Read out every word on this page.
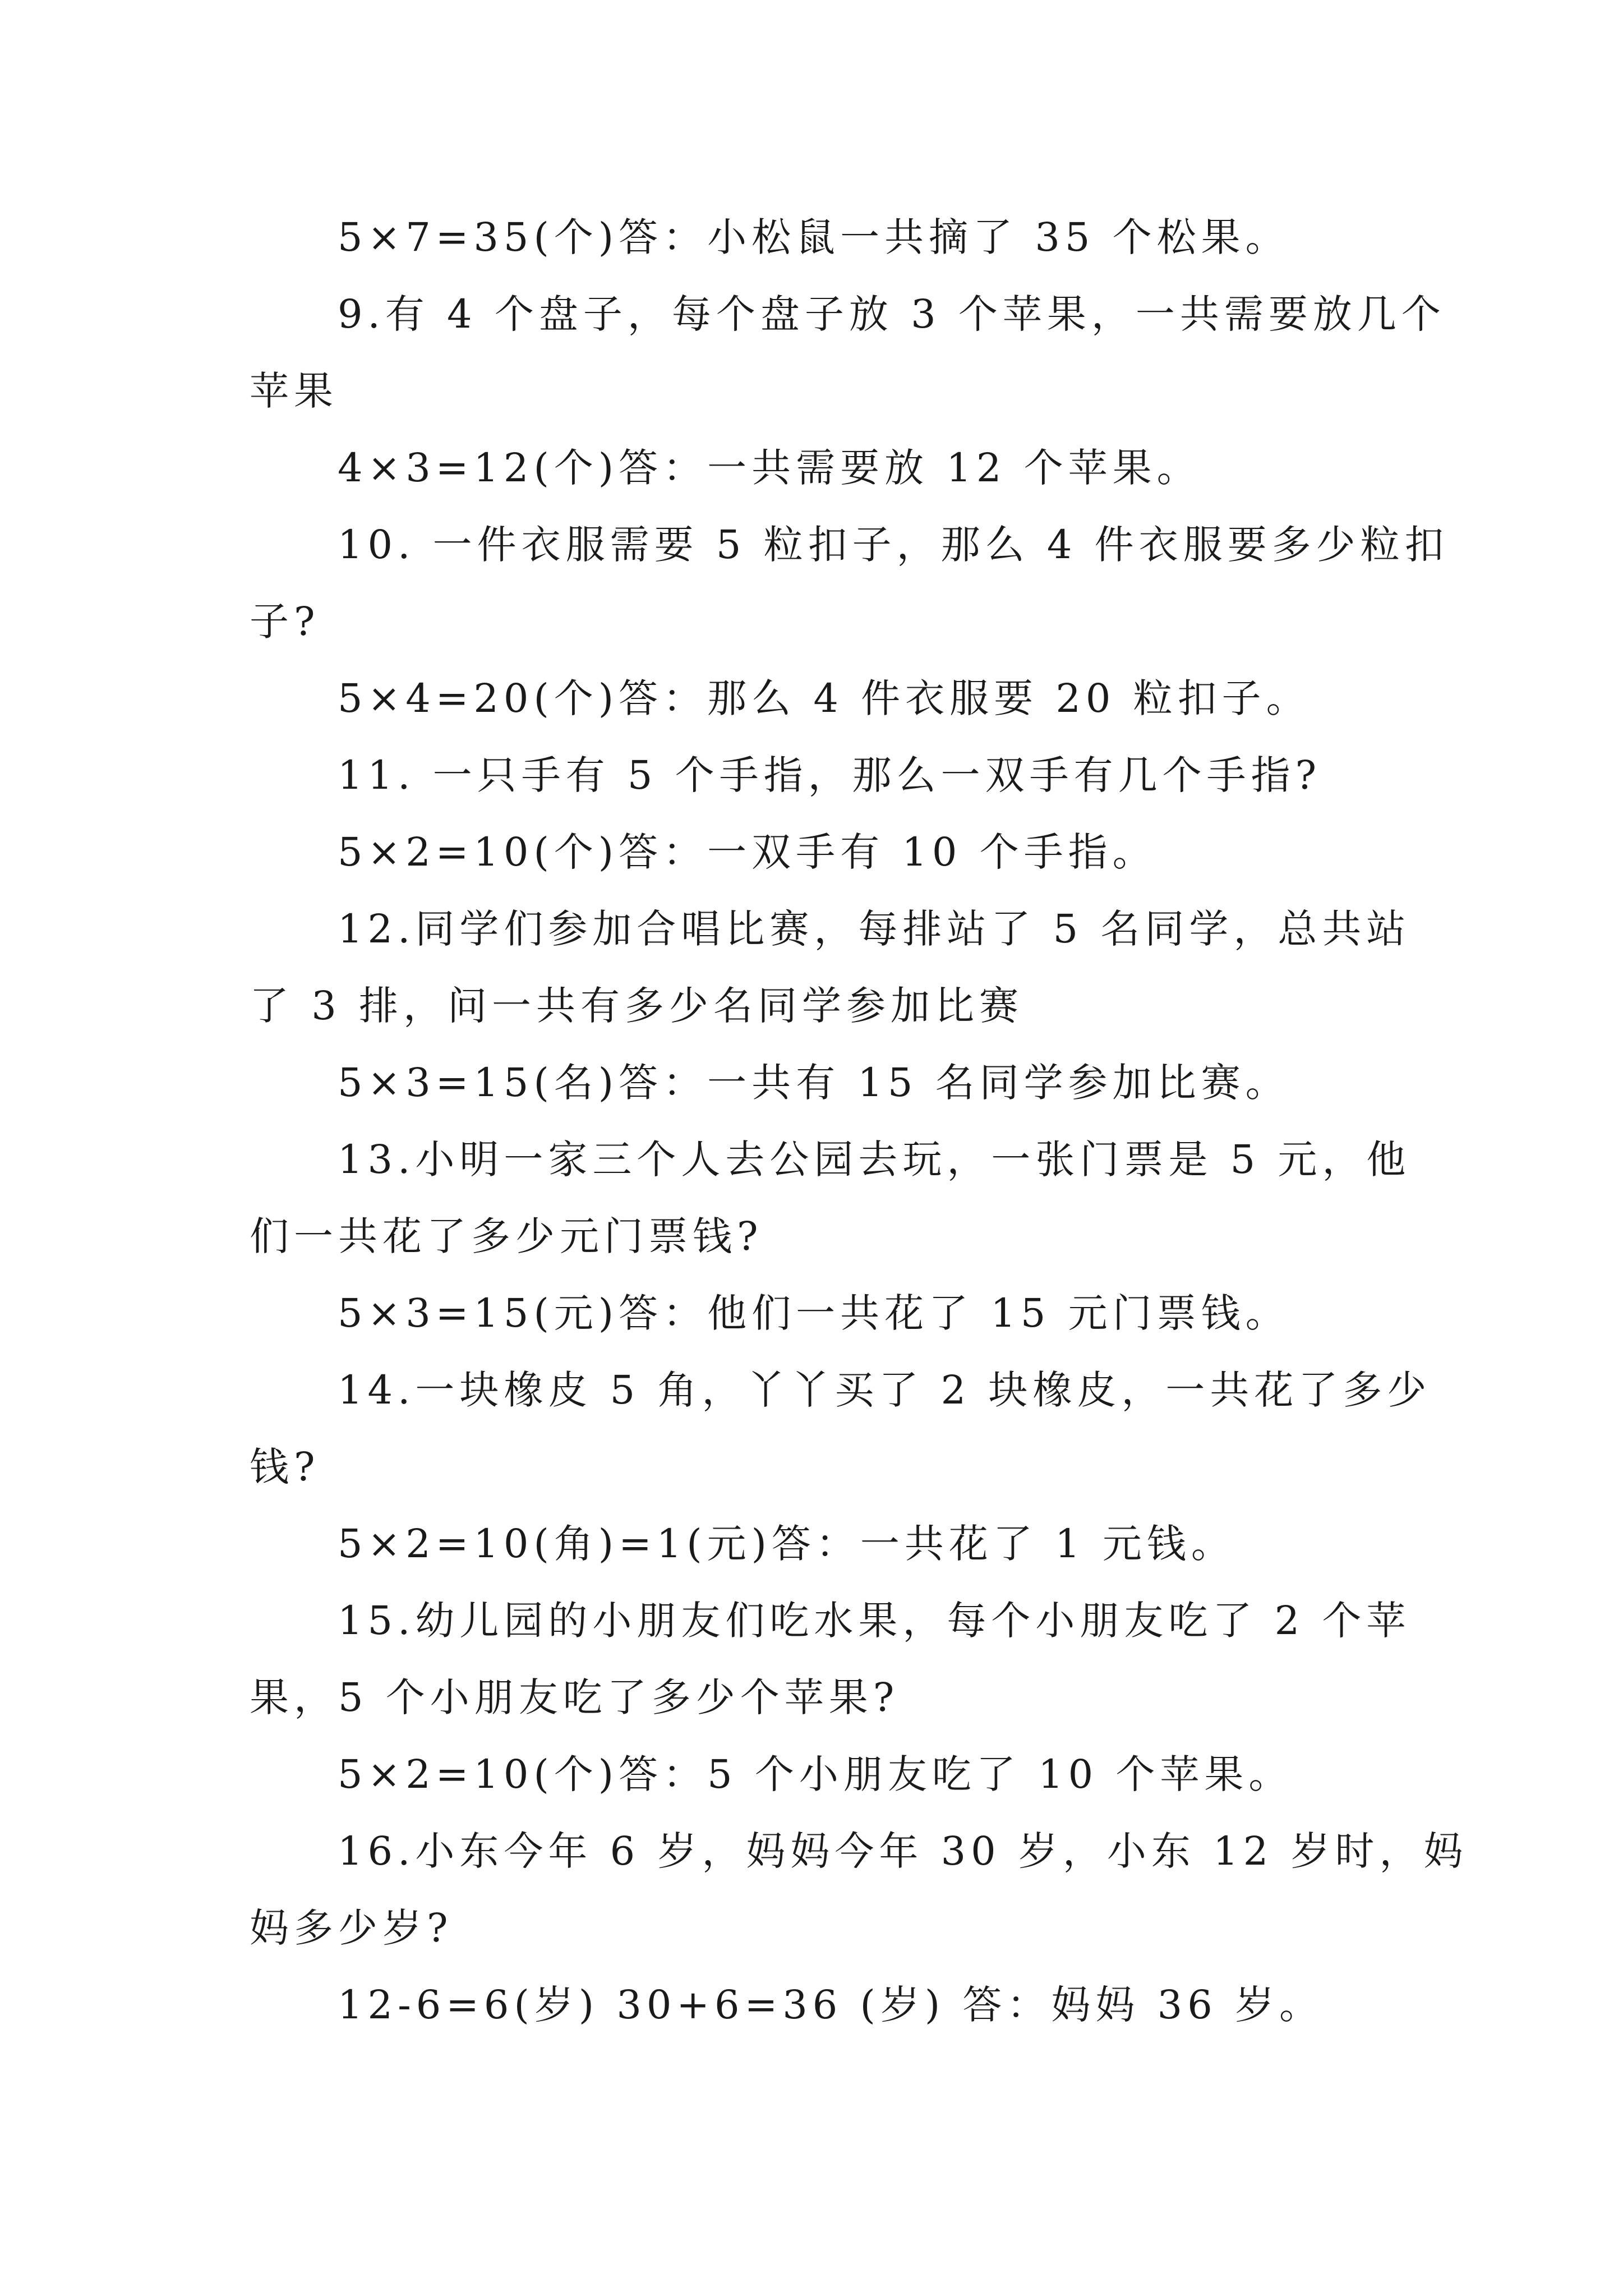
5×7=35(个)答：小松鼠一共摘了 35 个松果。
9.有 4 个盘子，每个盘子放 3 个苹果，一共需要放几个
苹果
4×3=12(个)答：一共需要放 12 个苹果。
10. 一件衣服需要 5 粒扣子，那么 4 件衣服要多少粒扣
子?
5×4=20(个)答：那么 4 件衣服要 20 粒扣子。
11. 一只手有 5 个手指，那么一双手有几个手指?
5×2=10(个)答：一双手有 10 个手指。
12.同学们参加合唱比赛，每排站了 5 名同学，总共站
了 3 排，问一共有多少名同学参加比赛
5×3=15(名)答：一共有 15 名同学参加比赛。
13.小明一家三个人去公园去玩，一张门票是 5 元，他
们一共花了多少元门票钱?
5×3=15(元)答：他们一共花了 15 元门票钱。
14.一块橡皮 5 角，丫丫买了 2 块橡皮，一共花了多少
钱?
5×2=10(角)=1(元)答：一共花了 1 元钱。
15.幼儿园的小朋友们吃水果，每个小朋友吃了 2 个苹
果，5 个小朋友吃了多少个苹果?
5×2=10(个)答：5 个小朋友吃了 10 个苹果。
16.小东今年 6 岁，妈妈今年 30 岁，小东 12 岁时，妈
妈多少岁?
12-6=6(岁) 30+6=36 (岁) 答：妈妈 36 岁。
